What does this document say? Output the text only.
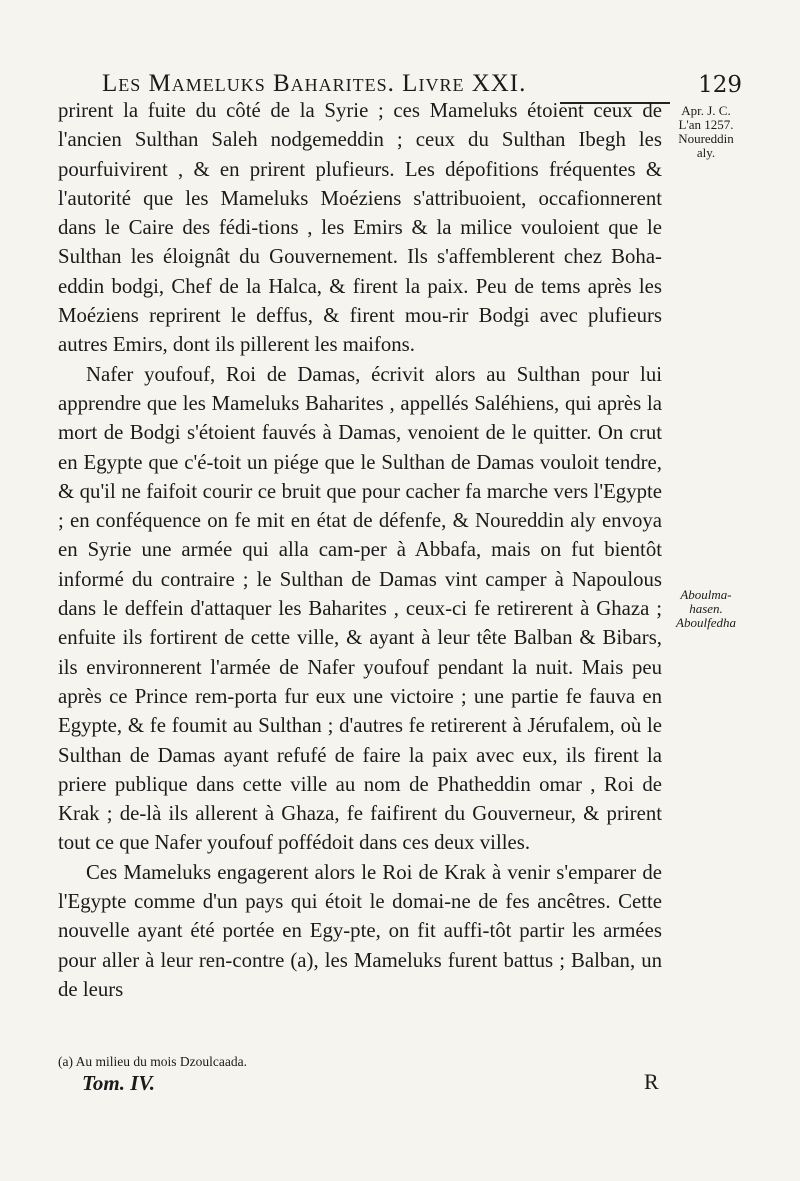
Les Mameluks Baharites. Livre XXI.	129

prirent la fuite du côté de la Syrie ; ces Mameluks étoient ceux de l'ancien Sulthan Saleh nodgemeddin ; ceux du Sulthan Ibegh les pourfuivirent , & en prirent plufieurs. Les dépofitions fréquentes & l'autorité que les Mameluks Moéziens s'attribuoient, occafionnerent dans le Caire des fédi-tions , les Emirs & la milice vouloient que le Sulthan les éloignât du Gouvernement. Ils s'affemblerent chez Boha-eddin bodgi, Chef de la Halca, & firent la paix. Peu de tems après les Moéziens reprirent le deffus, & firent mou-rir Bodgi avec plufieurs autres Emirs, dont ils pillerent les maifons.

Nafer youfouf, Roi de Damas, écrivit alors au Sulthan pour lui apprendre que les Mameluks Baharites , appellés Saléhiens, qui après la mort de Bodgi s'étoient fauvés à Damas, venoient de le quitter. On crut en Egypte que c'é-toit un piége que le Sulthan de Damas vouloit tendre, & qu'il ne faifoit courir ce bruit que pour cacher fa marche vers l'Egypte ; en conféquence on fe mit en état de défenfe, & Noureddin aly envoya en Syrie une armée qui alla cam-per à Abbafa, mais on fut bientôt informé du contraire ; le Sulthan de Damas vint camper à Napoulous dans le deffein d'attaquer les Baharites , ceux-ci fe retirerent à Ghaza ; enfuite ils fortirent de cette ville, & ayant à leur tête Balban & Bibars, ils environnerent l'armée de Nafer youfouf pendant la nuit. Mais peu après ce Prince rem-porta fur eux une victoire ; une partie fe fauva en Egypte, & fe foumit au Sulthan ; d'autres fe retirerent à Jérufalem, où le Sulthan de Damas ayant refufé de faire la paix avec eux, ils firent la priere publique dans cette ville au nom de Phatheddin omar , Roi de Krak ; de-là ils allerent à Ghaza, fe faifirent du Gouverneur, & prirent tout ce que Nafer youfouf poffédoit dans ces deux villes.

Ces Mameluks engagerent alors le Roi de Krak à venir s'emparer de l'Egypte comme d'un pays qui étoit le domai-ne de fes ancêtres. Cette nouvelle ayant été portée en Egy-pte, on fit auffi-tôt partir les armées pour aller à leur ren-contre (a), les Mameluks furent battus ; Balban, un de leurs

Apr. J. C.
L'an 1257.
Noureddin
aly.
Aboulma-
hasen.
Aboulfedha
(a) Au milieu du mois Dzoulcaada.
Tom. IV.	R
